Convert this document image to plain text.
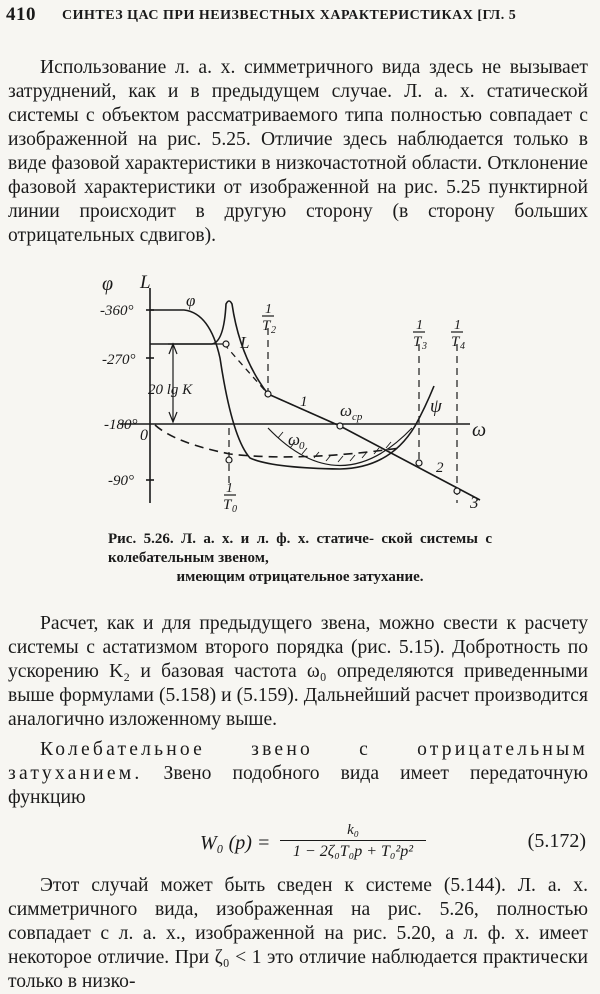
410 СИНТЕЗ ЦАС ПРИ НЕИЗВЕСТНЫХ ХАРАКТЕРИСТИКАХ [ГЛ. 5

Использование л. а. х. симметричного вида здесь не вызывает затруднений, как и в предыдущем случае. Л. а. х. статической системы с объектом рассматриваемого типа полностью совпадает с изображенной на рис. 5.25. Отличие здесь наблюдается только в виде фазовой характеристики в низкочастотной области. Отклонение фазовой характеристики от изображенной на рис. 5.25 пунктирной линии происходит в другую сторону (в сторону больших отрицательных сдвигов).

φ L
ω
0
φ
L
ψ
-360°
-270°
-180°
-90°
20 lg K
ω ср
ω
0
1
2
3
1
T 0
1
T 2	1
T 3
1
T 4
Рис. 5.26. Л. а. х. и л. ф. х. статиче- ской системы с колебательным звеном,
имеющим отрицательное затухание.

Расчет, как и для предыдущего звена, можно свести к расчету системы с астатизмом второго порядка (рис. 5.15). Добротность по ускорению K₂ и базовая частота ω₀ определяются приведенными выше формулами (5.158) и (5.159). Дальнейший расчет производится аналогично изложенному выше.

Колебательное звено с отрицательным затуханием. Звено подобного вида имеет передаточную функцию

W₀ (p) =
k₀
1 − 2ζ₀T₀p + T₀²p²	(5.172)

Этот случай может быть сведен к системе (5.144). Л. а. х. симметричного вида, изображенная на рис. 5.26, полностью совпадает с л. а. х., изображенной на рис. 5.20, а л. ф. х. имеет некоторое отличие. При ζ₀ < 1 это отличие наблюдается практически только в низко-
